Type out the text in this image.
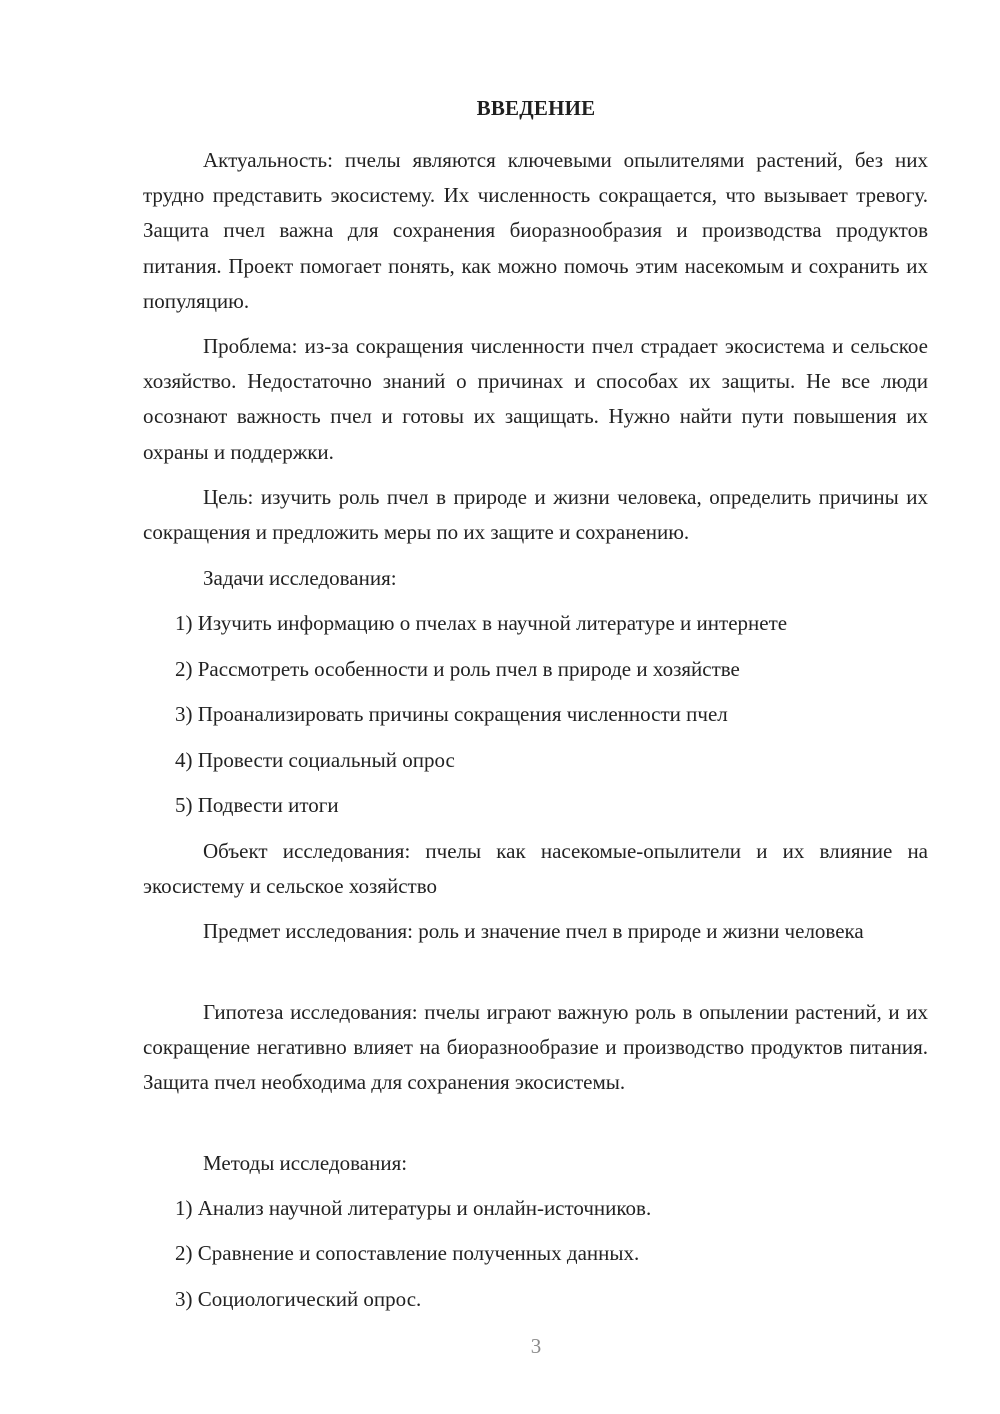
ВВЕДЕНИЕ
Актуальность: пчелы являются ключевыми опылителями растений, без них трудно представить экосистему. Их численность сокращается, что вызывает тревогу. Защита пчел важна для сохранения биоразнообразия и производства продуктов питания. Проект помогает понять, как можно помочь этим насекомым и сохранить их популяцию.
Проблема: из-за сокращения численности пчел страдает экосистема и сельское хозяйство. Недостаточно знаний о причинах и способах их защиты. Не все люди осознают важность пчел и готовы их защищать. Нужно найти пути повышения их охраны и поддержки.
Цель: изучить роль пчел в природе и жизни человека, определить причины их сокращения и предложить меры по их защите и сохранению.
Задачи исследования:
1) Изучить информацию о пчелах в научной литературе и интернете
2) Рассмотреть особенности и роль пчел в природе и хозяйстве
3) Проанализировать причины сокращения численности пчел
4) Провести социальный опрос
5) Подвести итоги
Объект исследования: пчелы как насекомые-опылители и их влияние на экосистему и сельское хозяйство
Предмет исследования: роль и значение пчел в природе и жизни человека
Гипотеза исследования: пчелы играют важную роль в опылении растений, и их сокращение негативно влияет на биоразнообразие и производство продуктов питания. Защита пчел необходима для сохранения экосистемы.
Методы исследования:
1) Анализ научной литературы и онлайн-источников.
2) Сравнение и сопоставление полученных данных.
3) Социологический опрос.
3
